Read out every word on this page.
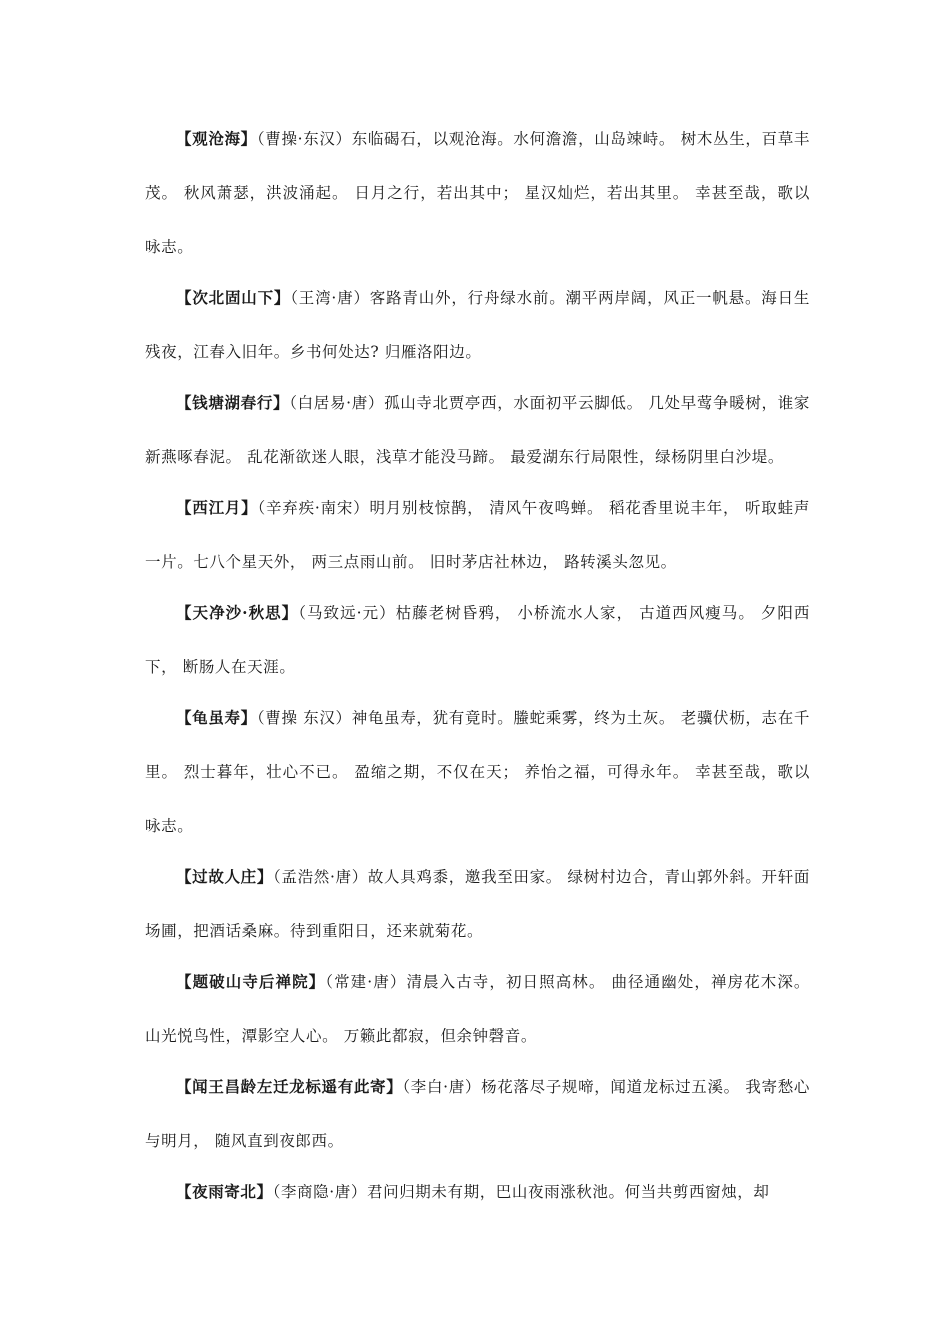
【观沧海】（曹操·东汉）东临碣石，以观沧海。水何澹澹，山岛竦峙。 树木丛生，百草丰茂。 秋风萧瑟，洪波涌起。 日月之行，若出其中； 星汉灿烂，若出其里。 幸甚至哉，歌以咏志。

【次北固山下】（王湾·唐）客路青山外，行舟绿水前。潮平两岸阔，风正一帆悬。海日生残夜，江春入旧年。乡书何处达? 归雁洛阳边。

【钱塘湖春行】（白居易·唐）孤山寺北贾亭西，水面初平云脚低。 几处早莺争暖树，谁家新燕啄春泥。 乱花渐欲迷人眼，浅草才能没马蹄。 最爱湖东行局限性，绿杨阴里白沙堤。

【西江月】（辛弃疾·南宋）明月别枝惊鹊， 清风午夜鸣蝉。 稻花香里说丰年， 听取蛙声一片。七八个星天外， 两三点雨山前。 旧时茅店社林边， 路转溪头忽见。

【天净沙·秋思】（马致远·元）枯藤老树昏鸦， 小桥流水人家， 古道西风瘦马。 夕阳西下， 断肠人在天涯。

【龟虽寿】（曹操 东汉）神龟虽寿，犹有竟时。螣蛇乘雾，终为土灰。 老骥伏枥，志在千里。 烈士暮年，壮心不已。 盈缩之期，不仅在天； 养怡之福，可得永年。 幸甚至哉，歌以咏志。

【过故人庄】（孟浩然·唐）故人具鸡黍，邀我至田家。 绿树村边合，青山郭外斜。开轩面场圃，把酒话桑麻。待到重阳日，还来就菊花。

【题破山寺后禅院】（常建·唐）清晨入古寺，初日照高林。 曲径通幽处，禅房花木深。 山光悦鸟性，潭影空人心。 万籁此都寂，但余钟磬音。

【闻王昌龄左迁龙标遥有此寄】（李白·唐）杨花落尽子规啼，闻道龙标过五溪。 我寄愁心与明月， 随风直到夜郎西。

【夜雨寄北】（李商隐·唐）君问归期未有期，巴山夜雨涨秋池。何当共剪西窗烛，却
